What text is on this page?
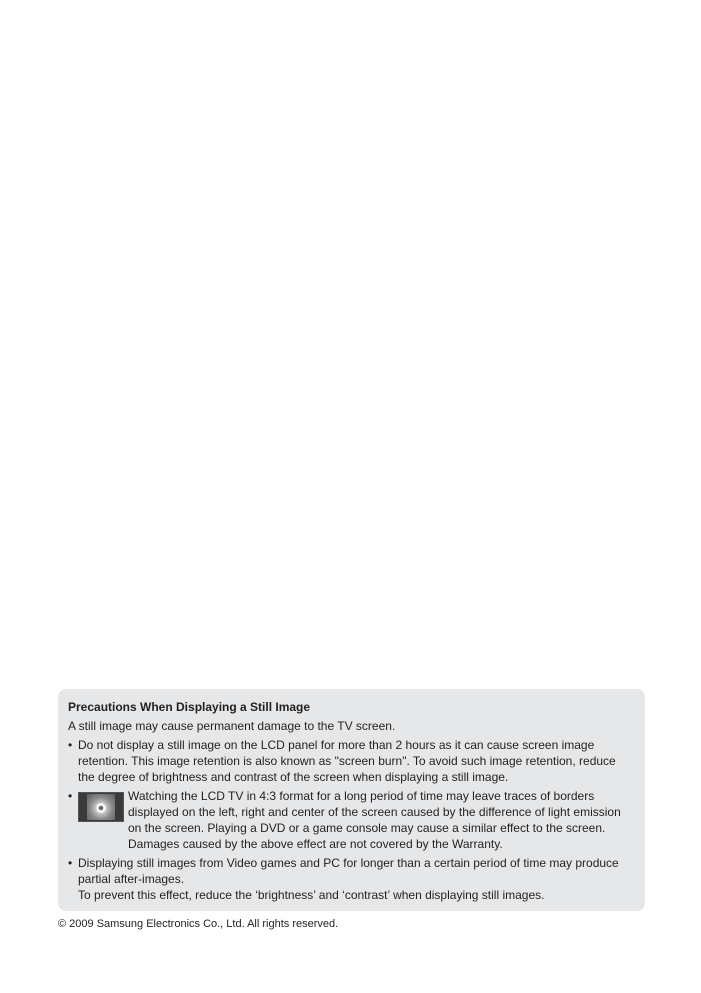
Precautions When Displaying a Still Image
A still image may cause permanent damage to the TV screen.
• Do not display a still image on the LCD panel for more than 2 hours as it can cause screen image retention. This image retention is also known as "screen burn". To avoid such image retention, reduce the degree of brightness and contrast of the screen when displaying a still image.
•	Watching the LCD TV in 4:3 format for a long period of time may leave traces of borders displayed on the left, right and center of the screen caused by the difference of light emission on the screen. Playing a DVD or a game console may cause a similar effect to the screen. Damages caused by the above effect are not covered by the Warranty.
• Displaying still images from Video games and PC for longer than a certain period of time may produce partial after-images.
To prevent this effect, reduce the ‘brightness’ and ‘contrast’ when displaying still images.
© 2009 Samsung Electronics Co., Ltd. All rights reserved.
